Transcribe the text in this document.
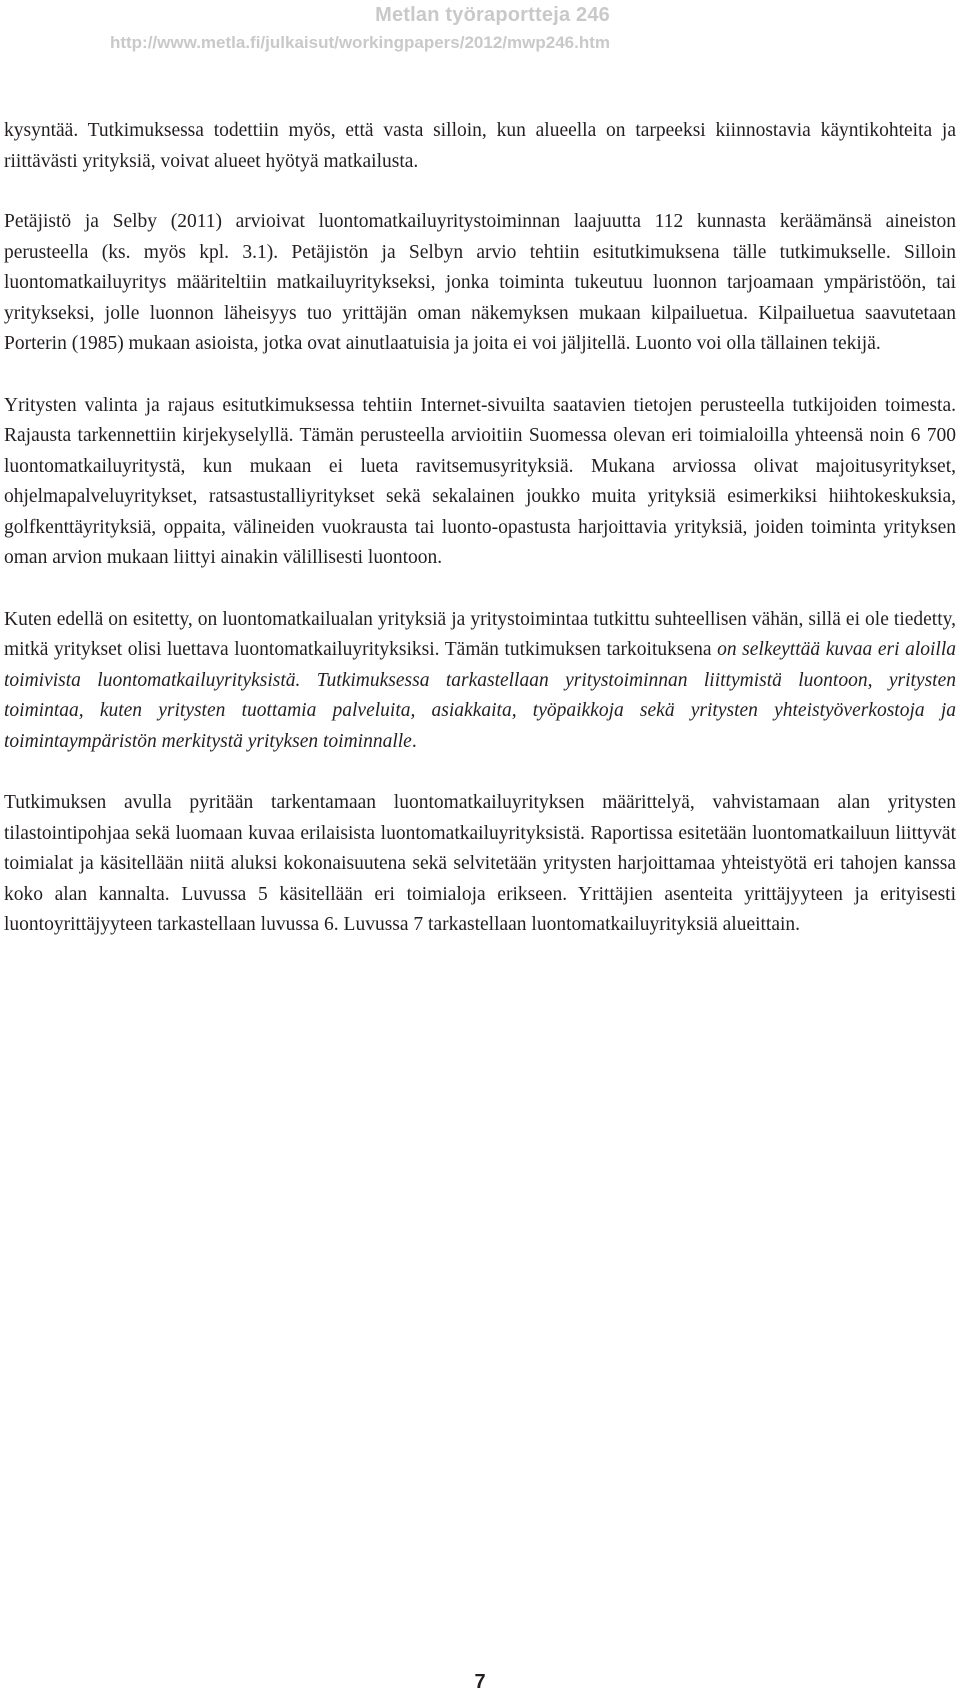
Metlan työraportteja 246
http://www.metla.fi/julkaisut/workingpapers/2012/mwp246.htm

kysyntää. Tutkimuksessa todettiin myös, että vasta silloin, kun alueella on tarpeeksi kiinnostavia käyntikohteita ja riittävästi yrityksiä, voivat alueet hyötyä matkailusta.

Petäjistö ja Selby (2011) arvioivat luontomatkailuyritystoiminnan laajuutta 112 kunnasta keräämänsä aineiston perusteella (ks. myös kpl. 3.1). Petäjistön ja Selbyn arvio tehtiin esitutkimuksena tälle tutkimukselle. Silloin luontomatkailuyritys määriteltiin matkailuyritykseksi, jonka toiminta tukeutuu luonnon tarjoamaan ympäristöön, tai yritykseksi, jolle luonnon läheisyys tuo yrittäjän oman näkemyksen mukaan kilpailuetua. Kilpailuetua saavutetaan Porterin (1985) mukaan asioista, jotka ovat ainutlaatuisia ja joita ei voi jäljitellä. Luonto voi olla tällainen tekijä.

Yritysten valinta ja rajaus esitutkimuksessa tehtiin Internet-sivuilta saatavien tietojen perusteella tutkijoiden toimesta. Rajausta tarkennettiin kirjekyselyllä. Tämän perusteella arvioitiin Suomessa olevan eri toimialoilla yhteensä noin 6 700 luontomatkailuyritystä, kun mukaan ei lueta ravitsemusyrityksiä. Mukana arviossa olivat majoitusyritykset, ohjelmapalveluyritykset, ratsastustalliyritykset sekä sekalainen joukko muita yrityksiä esimerkiksi hiihtokeskuksia, golfkenttäyrityksiä, oppaita, välineiden vuokrausta tai luonto-opastusta harjoittavia yrityksiä, joiden toiminta yrityksen oman arvion mukaan liittyi ainakin välillisesti luontoon.

Kuten edellä on esitetty, on luontomatkailualan yrityksiä ja yritystoimintaa tutkittu suhteellisen vähän, sillä ei ole tiedetty, mitkä yritykset olisi luettava luontomatkailuyrityksiksi. Tämän tutkimuksen tarkoituksena on selkeyttää kuvaa eri aloilla toimivista luontomatkailuyrityksistä. Tutkimuksessa tarkastellaan yritystoiminnan liittymistä luontoon, yritysten toimintaa, kuten yritysten tuottamia palveluita, asiakkaita, työpaikkoja sekä yritysten yhteistyöverkostoja ja toimintaympäristön merkitystä yrityksen toiminnalle.

Tutkimuksen avulla pyritään tarkentamaan luontomatkailuyrityksen määrittelyä, vahvistamaan alan yritysten tilastointipohjaa sekä luomaan kuvaa erilaisista luontomatkailuyrityksistä. Raportissa esitetään luontomatkailuun liittyvät toimialat ja käsitellään niitä aluksi kokonaisuutena sekä selvitetään yritysten harjoittamaa yhteistyötä eri tahojen kanssa koko alan kannalta. Luvussa 5 käsitellään eri toimialoja erikseen. Yrittäjien asenteita yrittäjyyteen ja erityisesti luontoyrittäjyyteen tarkastellaan luvussa 6. Luvussa 7 tarkastellaan luontomatkailuyrityksiä alueittain.

7
